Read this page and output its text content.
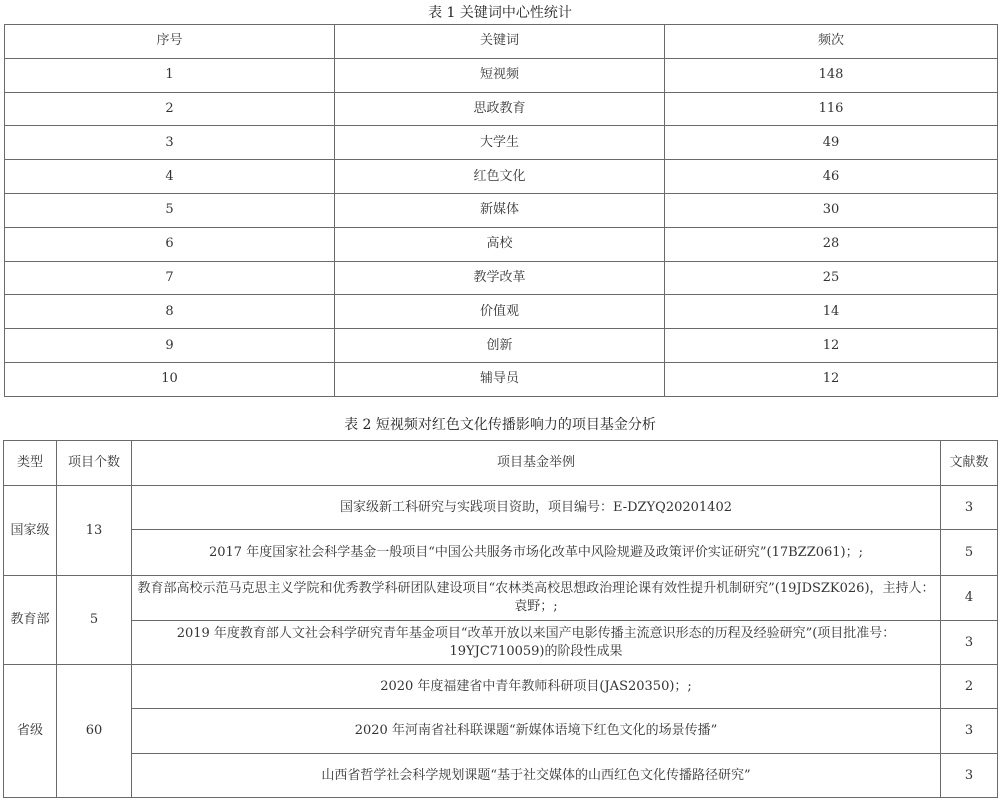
表 1 关键词中心性统计
序号	关键词	频次
1	短视频	148
2	思政教育	116
3	大学生	49
4	红色文化	46
5	新媒体	30
6	高校	28
7	教学改革	25
8	价值观	14
9	创新	12
10	辅导员	12
表 2 短视频对红色文化传播影响力的项目基金分析
类型	项目个数	项目基金举例	文献数
国家级	13	国家级新工科研究与实践项目资助，项目编号：E-DZYQ20201402	3
		2017 年度国家社会科学基金一般项目“中国公共服务市场化改革中风险规避及政策评价实证研究”(17BZZ061)；;	5
教育部	5	教育部高校示范马克思主义学院和优秀教学科研团队建设项目“农林类高校思想政治理论课有效性提升机制研究”(19JDSZK026)，主持人：袁野；;	4
		2019 年度教育部人文社会科学研究青年基金项目“改革开放以来国产电影传播主流意识形态的历程及经验研究”(项目批准号：19YJC710059)的阶段性成果	3
省级	60	2020 年度福建省中青年教师科研项目(JAS20350)；;	2
		2020 年河南省社科联课题“新媒体语境下红色文化的场景传播”	3
		山西省哲学社会科学规划课题“基于社交媒体的山西红色文化传播路径研究”	3
